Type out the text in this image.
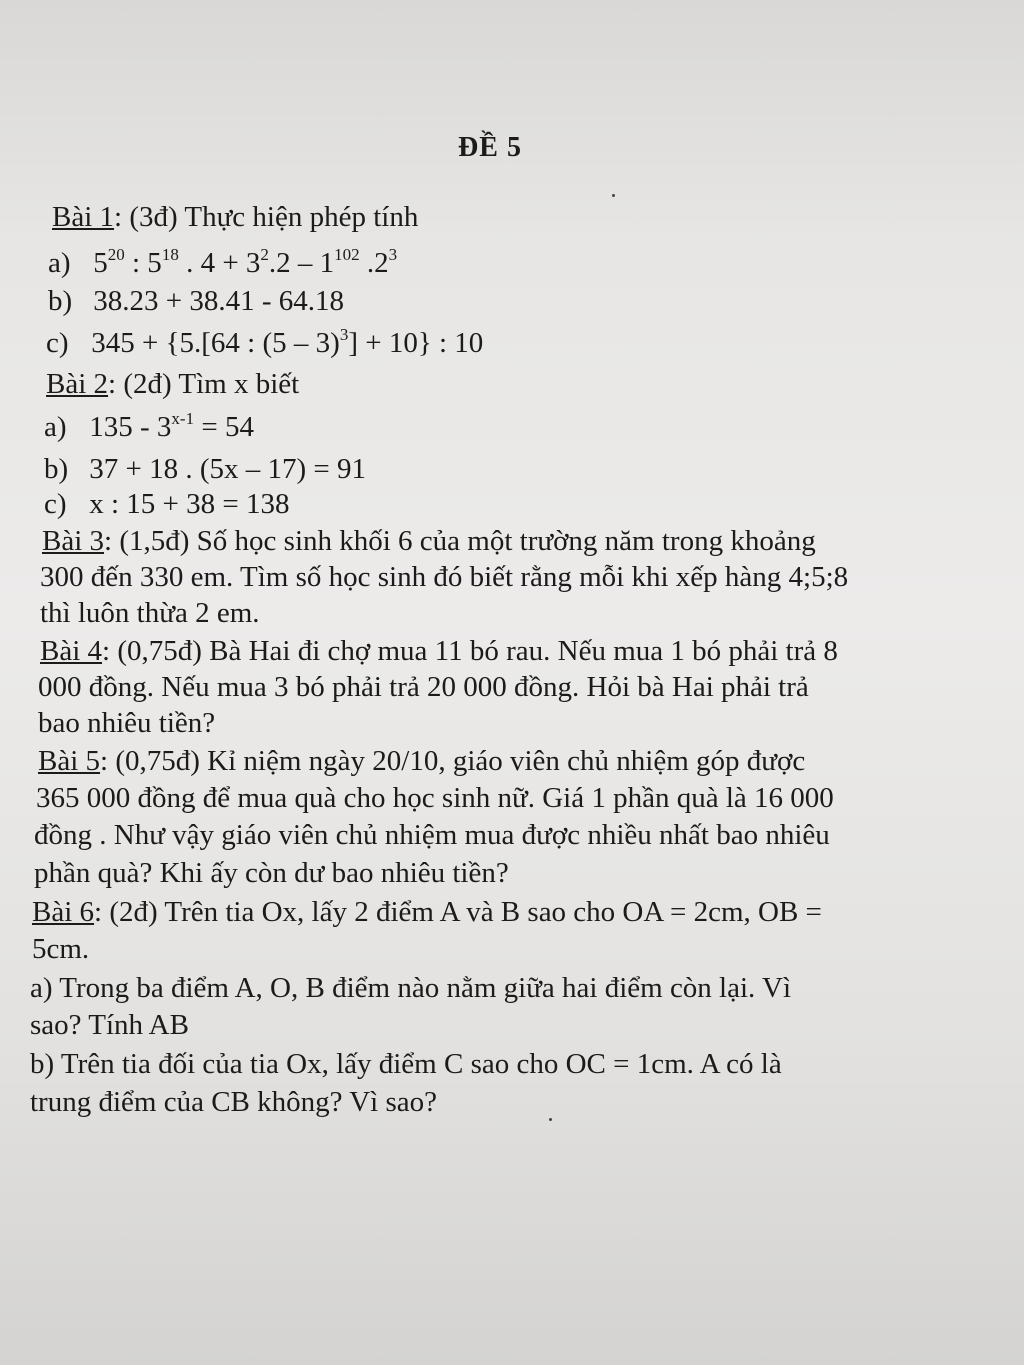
ĐỀ 5
Bài 1: (3đ) Thực hiện phép tính
a) $5^{20}$ : $5^{18}$ . $4 + 3^2.2 - 1^{102}$ $.2^3$
b) 38.23 + 38.41 - 64.18
c) 345 + {5.[64 : (5 – 3)$^3$] + 10} : 10
Bài 2: (2đ) Tìm x biết
a) $135 - 3^{x-1} = 54$
b) 37 + 18 . (5x – 17) = 91
c) x : 15 + 38 = 138
Bài 3: (1,5đ) Số học sinh khối 6 của một trường năm trong khoảng
300 đến 330 em. Tìm số học sinh đó biết rằng mỗi khi xếp hàng 4;5;8
thì luôn thừa 2 em.
Bài 4: (0,75đ) Bà Hai đi chợ mua 11 bó rau. Nếu mua 1 bó phải trả 8
000 đồng. Nếu mua 3 bó phải trả 20 000 đồng. Hỏi bà Hai phải trả
bao nhiêu tiền?
Bài 5: (0,75đ) Kỉ niệm ngày 20/10, giáo viên chủ nhiệm góp được
365 000 đồng để mua quà cho học sinh nữ. Giá 1 phần quà là 16 000
đồng . Như vậy giáo viên chủ nhiệm mua được nhiều nhất bao nhiêu
phần quà? Khi ấy còn dư bao nhiêu tiền?
Bài 6: (2đ) Trên tia Ox, lấy 2 điểm A và B sao cho OA = 2cm, OB =
5cm.
a) Trong ba điểm A, O, B điểm nào nằm giữa hai điểm còn lại. Vì
sao? Tính AB
b) Trên tia đối của tia Ox, lấy điểm C sao cho OC = 1cm. A có là
trung điểm của CB không? Vì sao?
